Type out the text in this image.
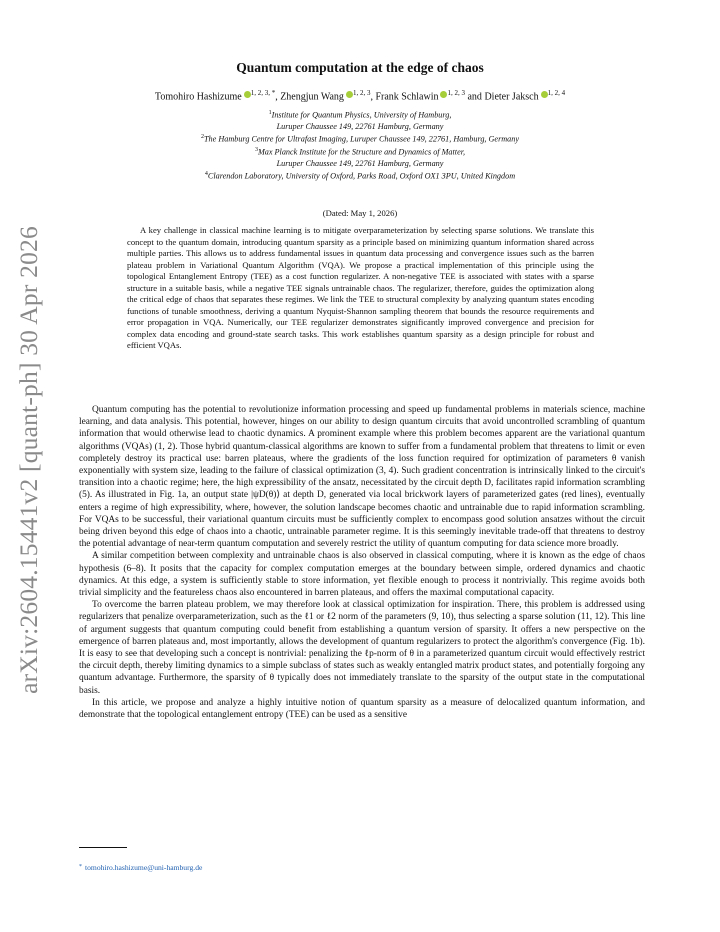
arXiv:2604.15441v2 [quant-ph] 30 Apr 2026
Quantum computation at the edge of chaos
Tomohiro Hashizume $^{1, 2, 3, *}$, Zhengjun Wang $^{1, 2, 3}$, Frank Schlawin $^{1, 2, 3}$ and Dieter Jaksch $^{1, 2, 4}$
$^1$Institute for Quantum Physics, University of Hamburg,
Luruper Chaussee 149, 22761 Hamburg, Germany
$^2$The Hamburg Centre for Ultrafast Imaging, Luruper Chaussee 149, 22761, Hamburg, Germany
$^3$Max Planck Institute for the Structure and Dynamics of Matter,
Luruper Chaussee 149, 22761 Hamburg, Germany
$^4$Clarendon Laboratory, University of Oxford, Parks Road, Oxford OX1 3PU, United Kingdom
(Dated: May 1, 2026)
A key challenge in classical machine learning is to mitigate overparameterization by selecting sparse solutions. We translate this concept to the quantum domain, introducing quantum sparsity as a principle based on minimizing quantum information shared across multiple parties. This allows us to address fundamental issues in quantum data processing and convergence issues such as the barren plateau problem in Variational Quantum Algorithm (VQA). We propose a practical implementation of this principle using the topological Entanglement Entropy (TEE) as a cost function regularizer. A non-negative TEE is associated with states with a sparse structure in a suitable basis, while a negative TEE signals untrainable chaos. The regularizer, therefore, guides the optimization along the critical edge of chaos that separates these regimes. We link the TEE to structural complexity by analyzing quantum states encoding functions of tunable smoothness, deriving a quantum Nyquist-Shannon sampling theorem that bounds the resource requirements and error propagation in VQA. Numerically, our TEE regularizer demonstrates significantly improved convergence and precision for complex data encoding and ground-state search tasks. This work establishes quantum sparsity as a design principle for robust and efficient VQAs.

Quantum computing has the potential to revolutionize information processing and speed up fundamental problems in materials science, machine learning, and data analysis. This potential, however, hinges on our ability to design quantum circuits that avoid uncontrolled scrambling of quantum information that would otherwise lead to chaotic dynamics. A prominent example where this problem becomes apparent are the variational quantum algorithms (VQAs) (1, 2). Those hybrid quantum-classical algorithms are known to suffer from a fundamental problem that threatens to limit or even completely destroy its practical use: barren plateaus, where the gradients of the loss function required for optimization of parameters θ vanish exponentially with system size, leading to the failure of classical optimization (3, 4). Such gradient concentration is intrinsically linked to the circuit's transition into a chaotic regime; here, the high expressibility of the ansatz, necessitated by the circuit depth D, facilitates rapid information scrambling (5). As illustrated in Fig. 1a, an output state |ψD(θ)⟩ at depth D, generated via local brickwork layers of parameterized gates (red lines), eventually enters a regime of high expressibility, where, however, the solution landscape becomes chaotic and untrainable due to rapid information scrambling. For VQAs to be successful, their variational quantum circuits must be sufficiently complex to encompass good solution ansatzes without the circuit being driven beyond this edge of chaos into a chaotic, untrainable parameter regime. It is this seemingly inevitable trade-off that threatens to destroy the potential advantage of near-term quantum computation and severely restrict the utility of quantum computing for data science more broadly.

A similar competition between complexity and untrainable chaos is also observed in classical computing, where it is known as the edge of chaos hypothesis (6–8). It posits that the capacity for complex computation emerges at the boundary between simple, ordered dynamics and chaotic dynamics. At this edge, a system is sufficiently stable to store information, yet flexible enough to process it nontrivially. This regime avoids both trivial simplicity and the featureless chaos also encountered in barren plateaus, and offers the maximal computational capacity.

To overcome the barren plateau problem, we may therefore look at classical optimization for inspiration. There, this problem is addressed using regularizers that penalize overparameterization, such as the ℓ1 or ℓ2 norm of the parameters (9, 10), thus selecting a sparse solution (11, 12). This line of argument suggests that quantum computing could benefit from establishing a quantum version of sparsity. It offers a new perspective on the emergence of barren plateaus and, most importantly, allows the development of quantum regularizers to protect the algorithm's convergence (Fig. 1b). It is easy to see that developing such a concept is nontrivial: penalizing the ℓp-norm of θ in a parameterized quantum circuit would effectively restrict the circuit depth, thereby limiting dynamics to a simple subclass of states such as weakly entangled matrix product states, and potentially forgoing any quantum advantage. Furthermore, the sparsity of θ typically does not immediately translate to the sparsity of the output state in the computational basis.

In this article, we propose and analyze a highly intuitive notion of quantum sparsity as a measure of delocalized quantum information, and demonstrate that the topological entanglement entropy (TEE) can be used as a sensitive

* tomohiro.hashizume@uni-hamburg.de
